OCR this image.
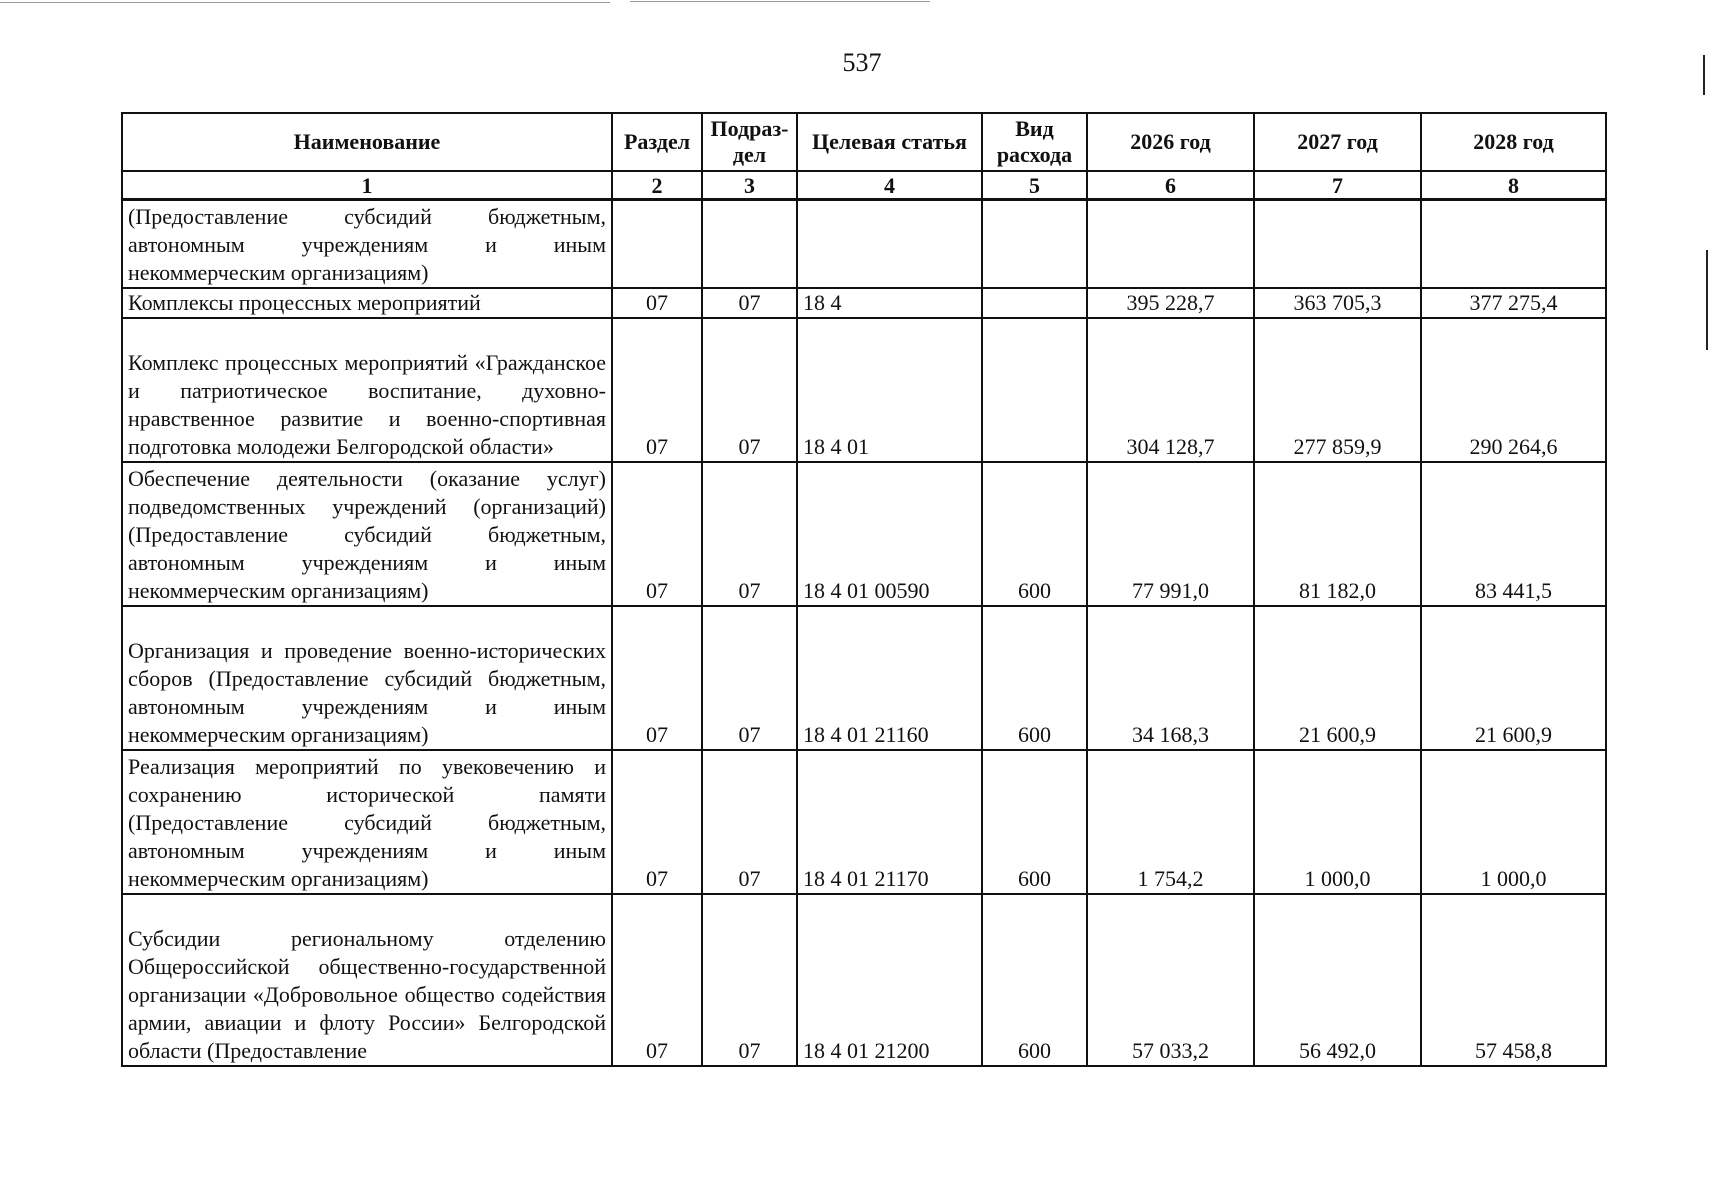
537
Наименование	Раздел	Подраз-дел	Целевая статья	Вид расхода	2026 год	2027 год	2028 год
1	2	3	4	5	6	7	8
(Предоставление субсидий бюджетным, автономным учреждениям и иным некоммерческим организациям)							
Комплексы процессных мероприятий	07	07	18 4		395 228,7	363 705,3	377 275,4
Комплекс процессных мероприятий «Гражданское и патриотическое воспитание, духовно-нравственное развитие и военно-спортивная подготовка молодежи Белгородской области»	07	07	18 4 01		304 128,7	277 859,9	290 264,6
Обеспечение деятельности (оказание услуг) подведомственных учреждений (организаций) (Предоставление субсидий бюджетным, автономным учреждениям и иным некоммерческим организациям)	07	07	18 4 01 00590	600	77 991,0	81 182,0	83 441,5
Организация и проведение военно-исторических сборов (Предоставление субсидий бюджетным, автономным учреждениям и иным некоммерческим организациям)	07	07	18 4 01 21160	600	34 168,3	21 600,9	21 600,9
Реализация мероприятий по увековечению и сохранению исторической памяти (Предоставление субсидий бюджетным, автономным учреждениям и иным некоммерческим организациям)	07	07	18 4 01 21170	600	1 754,2	1 000,0	1 000,0
Субсидии региональному отделению Общероссийской общественно-государственной организации «Добровольное общество содействия армии, авиации и флоту России» Белгородской области (Предоставление	07	07	18 4 01 21200	600	57 033,2	56 492,0	57 458,8
